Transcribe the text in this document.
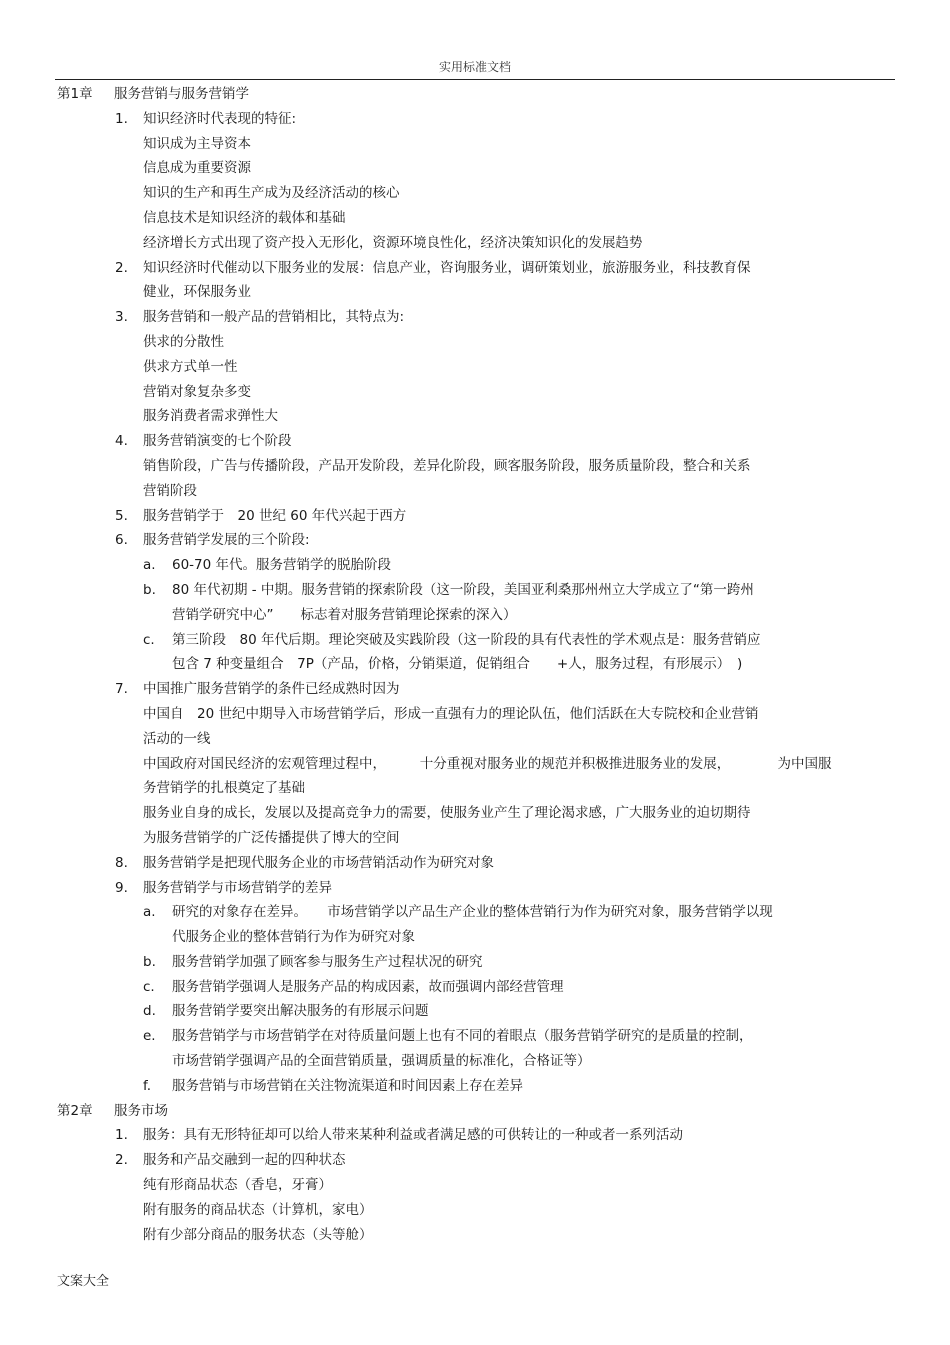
实用标准文档
第1章 服务营销与服务营销学
1. 知识经济时代表现的特征:
知识成为主导资本
信息成为重要资源
知识的生产和再生产成为及经济活动的核心
信息技术是知识经济的载体和基础
经济增长方式出现了资产投入无形化，资源环境良性化，经济决策知识化的发展趋势
2. 知识经济时代催动以下服务业的发展：信息产业，咨询服务业，调研策划业，旅游服务业，科技教育保
健业，环保服务业
3. 服务营销和一般产品的营销相比，其特点为:
供求的分散性
供求方式单一性
营销对象复杂多变
服务消费者需求弹性大
4. 服务营销演变的七个阶段
销售阶段，广告与传播阶段，产品开发阶段，差异化阶段，顾客服务阶段，服务质量阶段，整合和关系
营销阶段
5. 服务营销学于　20 世纪 60 年代兴起于西方
6. 服务营销学发展的三个阶段:
a. 60-70 年代。服务营销学的脱胎阶段
b. 80 年代初期 - 中期。服务营销的探索阶段（这一阶段，美国亚利桑那州州立大学成立了“第一跨州
营销学研究中心”　　标志着对服务营销理论探索的深入）
c. 第三阶段　80 年代后期。理论突破及实践阶段（这一阶段的具有代表性的学术观点是：服务营销应
包含 7 种变量组合　7P（产品，价格，分销渠道，促销组合　　+人，服务过程，有形展示）　)
7. 中国推广服务营销学的条件已经成熟时因为
中国自　20 世纪中期导入市场营销学后，形成一直强有力的理论队伍，他们活跃在大专院校和企业营销
活动的一线
中国政府对国民经济的宏观管理过程中，　　　十分重视对服务业的规范并积极推进服务业的发展，　　　　为中国服
务营销学的扎根奠定了基础
服务业自身的成长，发展以及提高竞争力的需要，使服务业产生了理论渴求感，广大服务业的迫切期待
为服务营销学的广泛传播提供了博大的空间
8. 服务营销学是把现代服务企业的市场营销活动作为研究对象
9. 服务营销学与市场营销学的差异
a. 研究的对象存在差异。　　市场营销学以产品生产企业的整体营销行为作为研究对象，服务营销学以现
代服务企业的整体营销行为作为研究对象
b. 服务营销学加强了顾客参与服务生产过程状况的研究
c. 服务营销学强调人是服务产品的构成因素，故而强调内部经营管理
d. 服务营销学要突出解决服务的有形展示问题
e. 服务营销学与市场营销学在对待质量问题上也有不同的着眼点（服务营销学研究的是质量的控制，
市场营销学强调产品的全面营销质量，强调质量的标准化，合格证等）
f. 服务营销与市场营销在关注物流渠道和时间因素上存在差异
第2章 服务市场
1. 服务：具有无形特征却可以给人带来某种利益或者满足感的可供转让的一种或者一系列活动
2. 服务和产品交融到一起的四种状态
纯有形商品状态（香皂，牙膏）
附有服务的商品状态（计算机，家电）
附有少部分商品的服务状态（头等舱）
文案大全
